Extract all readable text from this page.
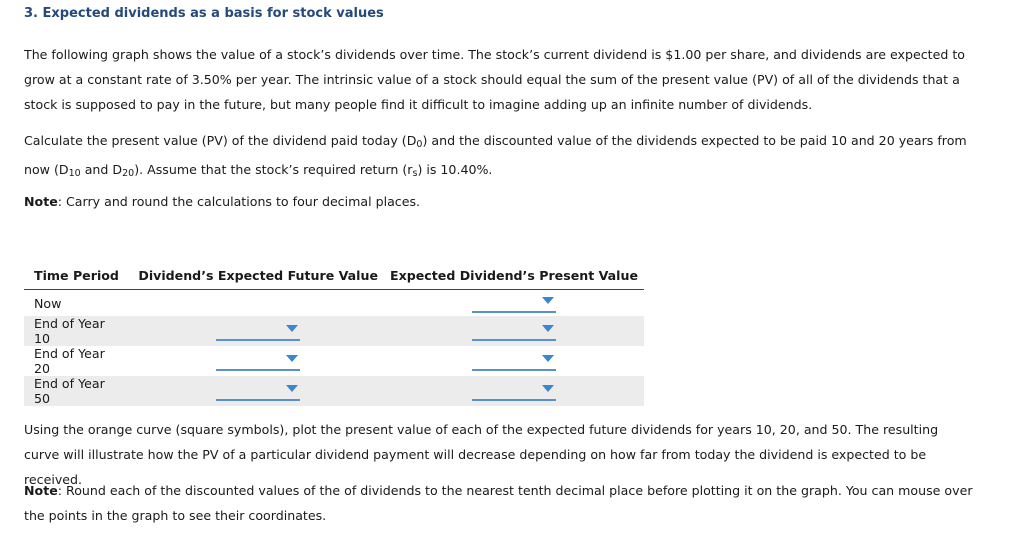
3. Expected dividends as a basis for stock values
The following graph shows the value of a stock’s dividends over time. The stock’s current dividend is $1.00 per share, and dividends are expected to grow at a constant rate of 3.50% per year. The intrinsic value of a stock should equal the sum of the present value (PV) of all of the dividends that a stock is supposed to pay in the future, but many people find it difficult to imagine adding up an infinite number of dividends.
Calculate the present value (PV) of the dividend paid today $(D_0)$ and the discounted value of the dividends expected to be paid 10 and 20 years from now ($D_{10}$ and $D_{20}$). Assume that the stock’s required return $(r_s)$ is 10.40%.
Note: Carry and round the calculations to four decimal places.
Time Period	Dividend’s Expected Future Value	Expected Dividend’s Present Value
Now		

End of Year 10	

End of Year 20	

End of Year 50	

Using the orange curve (square symbols), plot the present value of each of the expected future dividends for years 10, 20, and 50. The resulting curve will illustrate how the PV of a particular dividend payment will decrease depending on how far from today the dividend is expected to be received.
Note: Round each of the discounted values of the of dividends to the nearest tenth decimal place before plotting it on the graph. You can mouse over the points in the graph to see their coordinates.
